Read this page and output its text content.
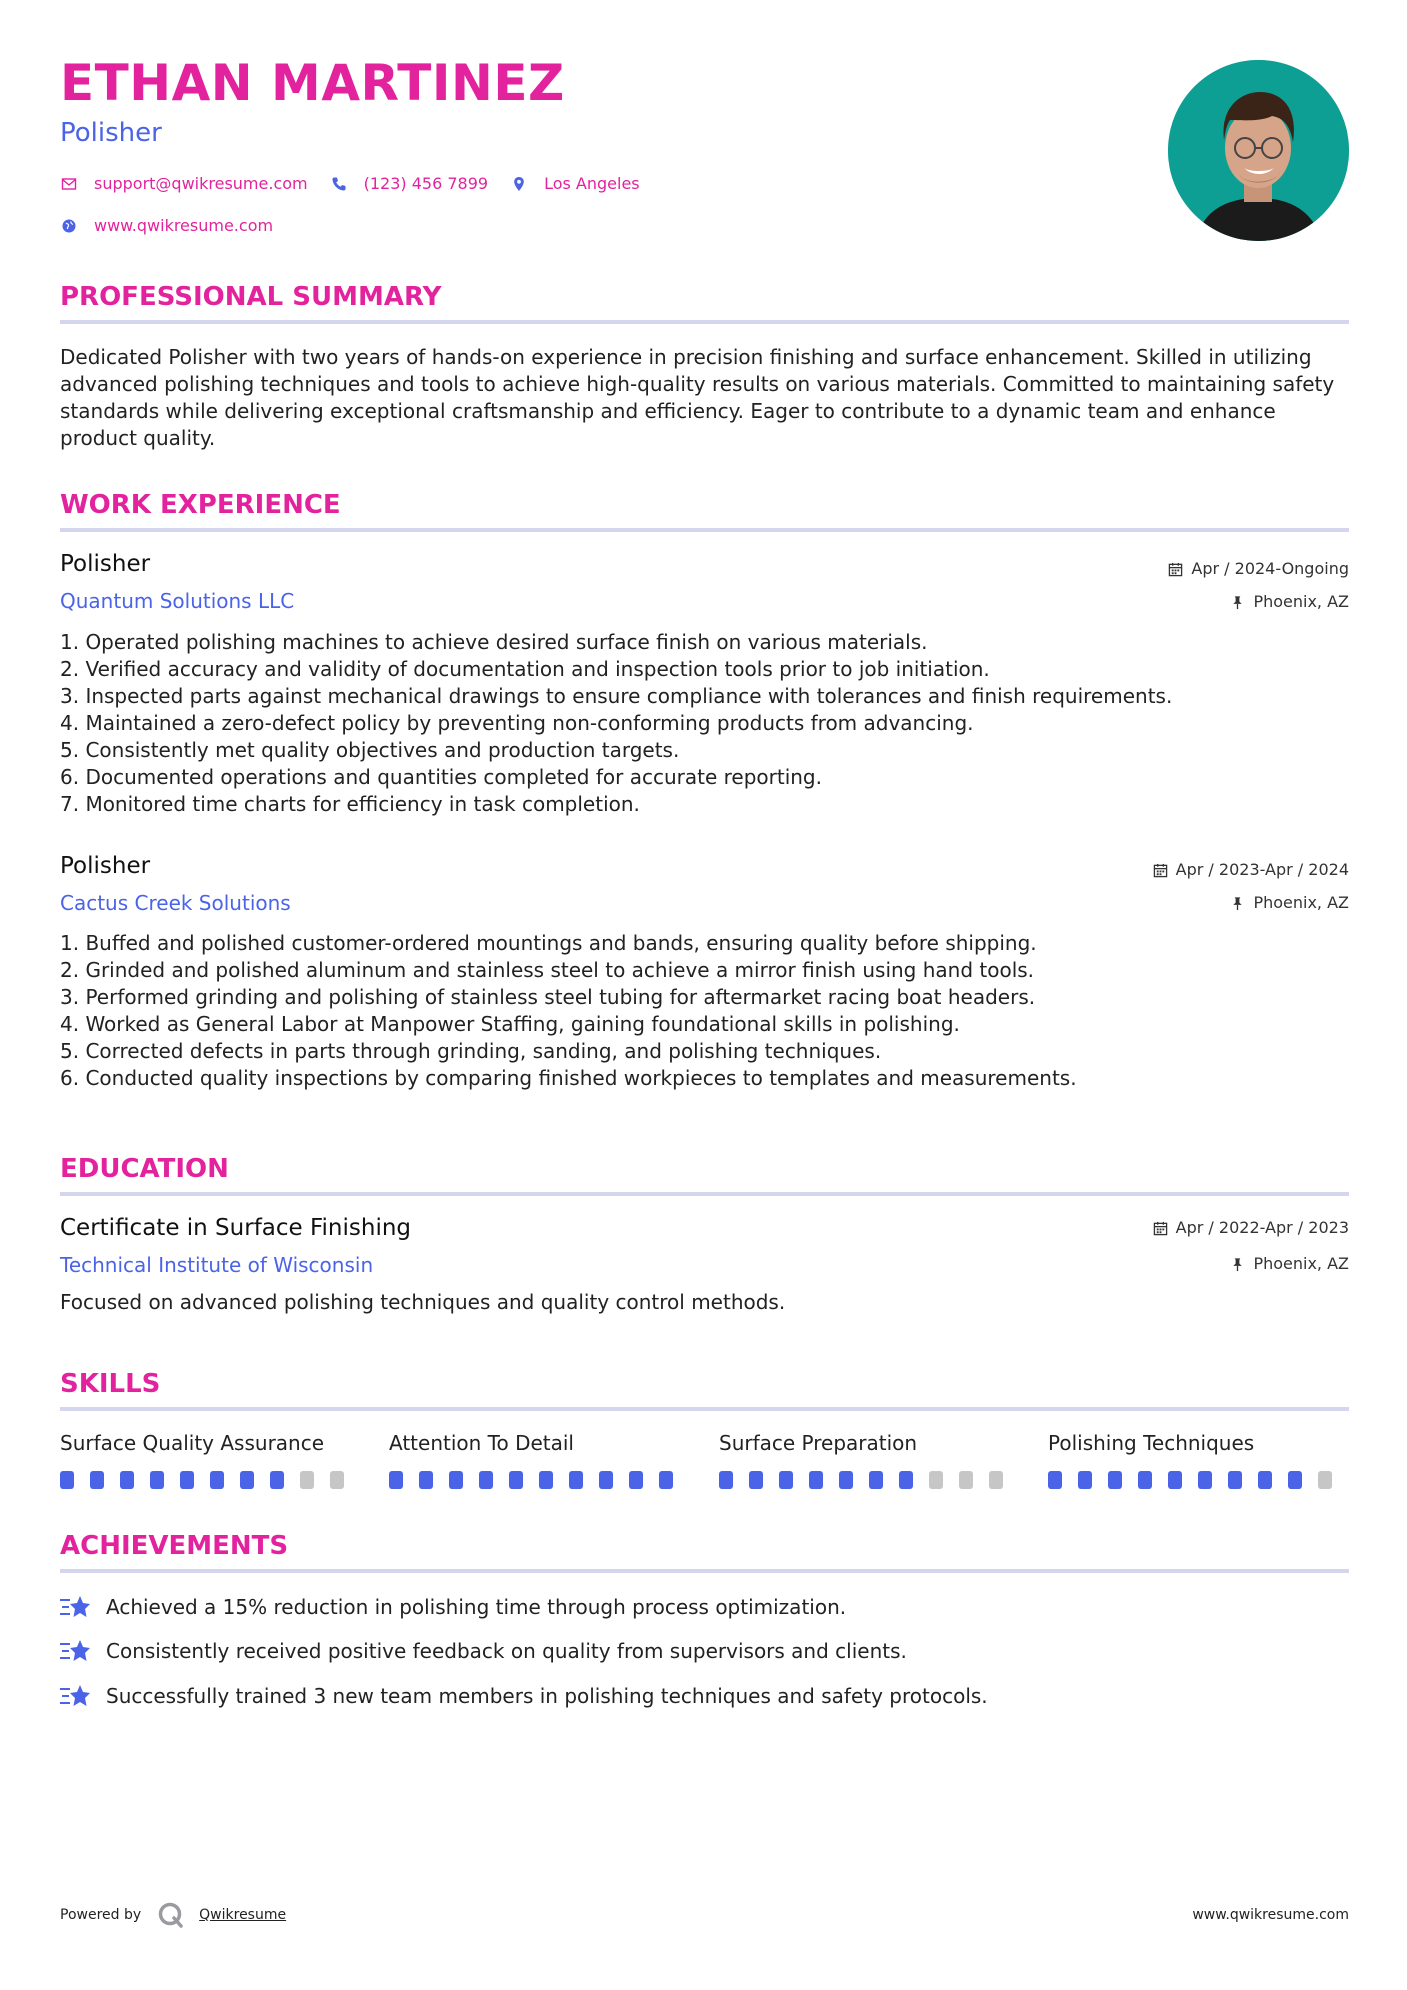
ETHAN MARTINEZ
Polisher
support@qwikresume.com	(123) 456 7899	Los Angeles
www.qwikresume.com
PROFESSIONAL SUMMARY

Dedicated Polisher with two years of hands-on experience in precision finishing and surface enhancement. Skilled in utilizing advanced polishing techniques and tools to achieve high-quality results on various materials. Committed to maintaining safety standards while delivering exceptional craftsmanship and efficiency. Eager to contribute to a dynamic team and enhance product quality.

WORK EXPERIENCE
Polisher
Quantum Solutions LLC
Apr / 2024-Ongoing
Phoenix, AZ
1. Operated polishing machines to achieve desired surface finish on various materials.
2. Verified accuracy and validity of documentation and inspection tools prior to job initiation.
3. Inspected parts against mechanical drawings to ensure compliance with tolerances and finish requirements.
4. Maintained a zero-defect policy by preventing non-conforming products from advancing.
5. Consistently met quality objectives and production targets.
6. Documented operations and quantities completed for accurate reporting.
7. Monitored time charts for efficiency in task completion.
Polisher
Cactus Creek Solutions
Apr / 2023-Apr / 2024
Phoenix, AZ
1. Buffed and polished customer-ordered mountings and bands, ensuring quality before shipping.
2. Grinded and polished aluminum and stainless steel to achieve a mirror finish using hand tools.
3. Performed grinding and polishing of stainless steel tubing for aftermarket racing boat headers.
4. Worked as General Labor at Manpower Staffing, gaining foundational skills in polishing.
5. Corrected defects in parts through grinding, sanding, and polishing techniques.
6. Conducted quality inspections by comparing finished workpieces to templates and measurements.
EDUCATION
Certificate in Surface Finishing
Technical Institute of Wisconsin
Apr / 2022-Apr / 2023
Phoenix, AZ
Focused on advanced polishing techniques and quality control methods.
SKILLS
Surface Quality Assurance	Attention To Detail	Surface Preparation	Polishing Techniques
ACHIEVEMENTS
Achieved a 15% reduction in polishing time through process optimization.
Consistently received positive feedback on quality from supervisors and clients.
Successfully trained 3 new team members in polishing techniques and safety protocols.
Powered by	Qwikresume	www.qwikresume.com
